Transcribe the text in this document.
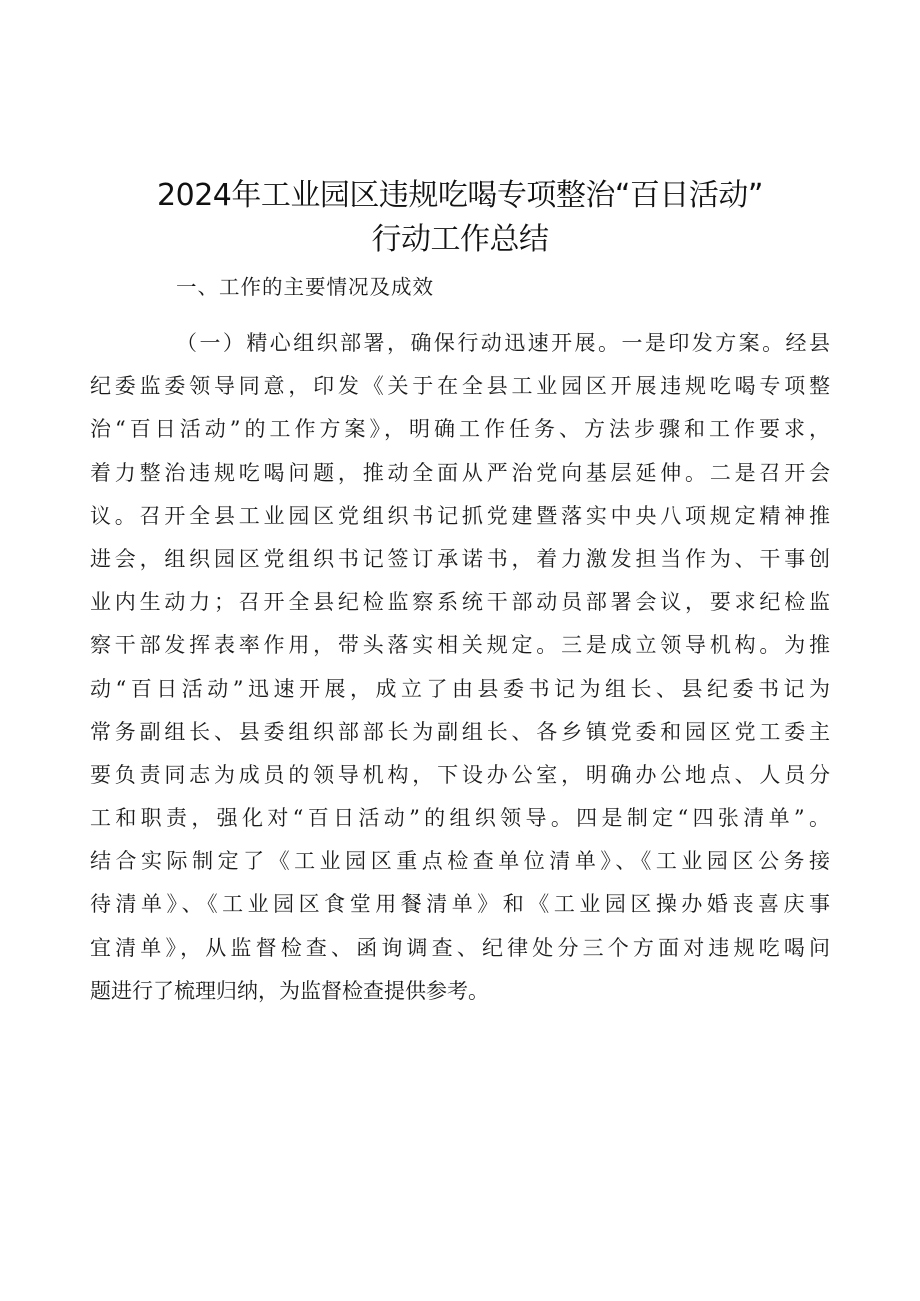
2024年工业园区违规吃喝专项整治“百日活动”
行动工作总结
一、工作的主要情况及成效
（一）精心组织部署，确保行动迅速开展。一是印发方案。经县
纪委监委领导同意，印发《关于在全县工业园区开展违规吃喝专项整
治“百日活动”的工作方案》，明确工作任务、方法步骤和工作要求，
着力整治违规吃喝问题，推动全面从严治党向基层延伸。二是召开会
议。召开全县工业园区党组织书记抓党建暨落实中央八项规定精神推
进会，组织园区党组织书记签订承诺书，着力激发担当作为、干事创
业内生动力；召开全县纪检监察系统干部动员部署会议，要求纪检监
察干部发挥表率作用，带头落实相关规定。三是成立领导机构。为推
动“百日活动”迅速开展，成立了由县委书记为组长、县纪委书记为
常务副组长、县委组织部部长为副组长、各乡镇党委和园区党工委主
要负责同志为成员的领导机构，下设办公室，明确办公地点、人员分
工和职责，强化对“百日活动”的组织领导。四是制定“四张清单”。
结合实际制定了《工业园区重点检查单位清单》、《工业园区公务接
待清单》、《工业园区食堂用餐清单》和《工业园区操办婚丧喜庆事
宜清单》，从监督检查、函询调查、纪律处分三个方面对违规吃喝问
题进行了梳理归纳，为监督检查提供参考。
